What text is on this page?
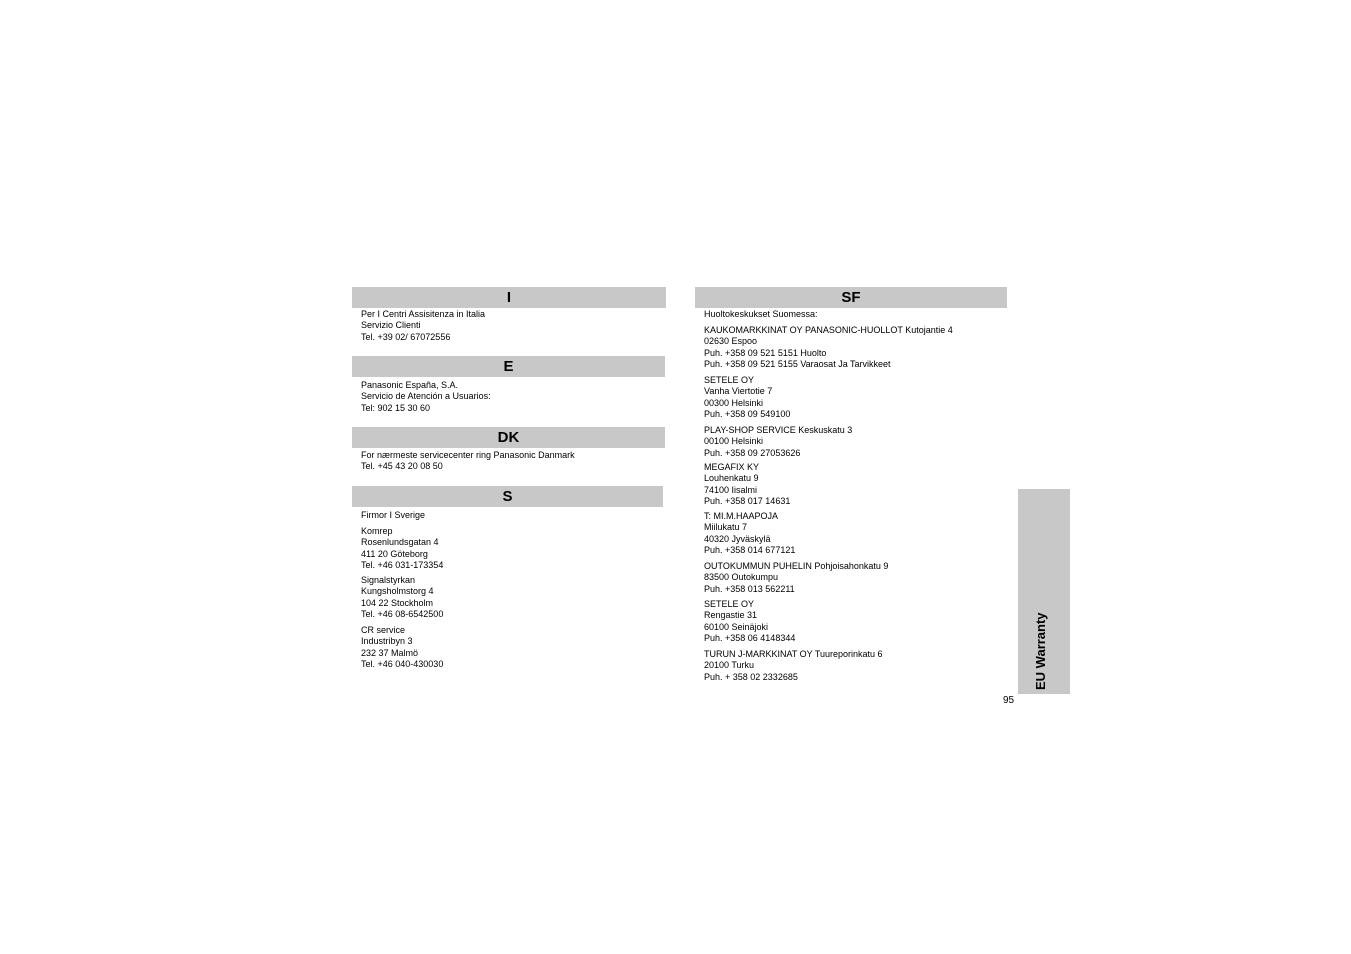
I
Per I Centri Assisitenza in Italia
Servizio Clienti
Tel. +39 02/ 67072556
E
Panasonic España, S.A.
Servicio de Atención a Usuarios:
Tel: 902 15 30 60
DK
For nærmeste servicecenter ring Panasonic Danmark
Tel. +45 43 20 08 50
S
Firmor I Sverige
Komrep
Rosenlundsgatan 4
411 20 Göteborg
Tel. +46 031-173354
Signalstyrkan
Kungsholmstorg 4
104 22 Stockholm
Tel. +46 08-6542500
CR service
Industribyn 3
232 37 Malmö
Tel. +46 040-430030
SF
Huoltokeskukset Suomessa:
KAUKOMARKKINAT OY PANASONIC-HUOLLOT Kutojantie 4
02630 Espoo
Puh. +358 09 521 5151 Huolto
Puh. +358 09 521 5155 Varaosat Ja Tarvikkeet
SETELE OY
Vanha Viertotie 7
00300 Helsinki
Puh. +358 09 549100
PLAY-SHOP SERVICE Keskuskatu 3
00100 Helsinki
Puh. +358 09 27053626
MEGAFIX KY
Louhenkatu 9
74100 Iisalmi
Puh. +358 017 14631
T: MI.M.HAAPOJA
Miilukatu 7
40320 Jyväskylä
Puh. +358 014 677121
OUTOKUMMUN PUHELIN Pohjoisahonkatu 9
83500 Outokumpu
Puh. +358 013 562211
SETELE OY
Rengastie 31
60100 Seinäjoki
Puh. +358 06 4148344
TURUN J-MARKKINAT OY Tuureporinkatu 6
20100 Turku
Puh. + 358 02 2332685	EU Warranty
95
